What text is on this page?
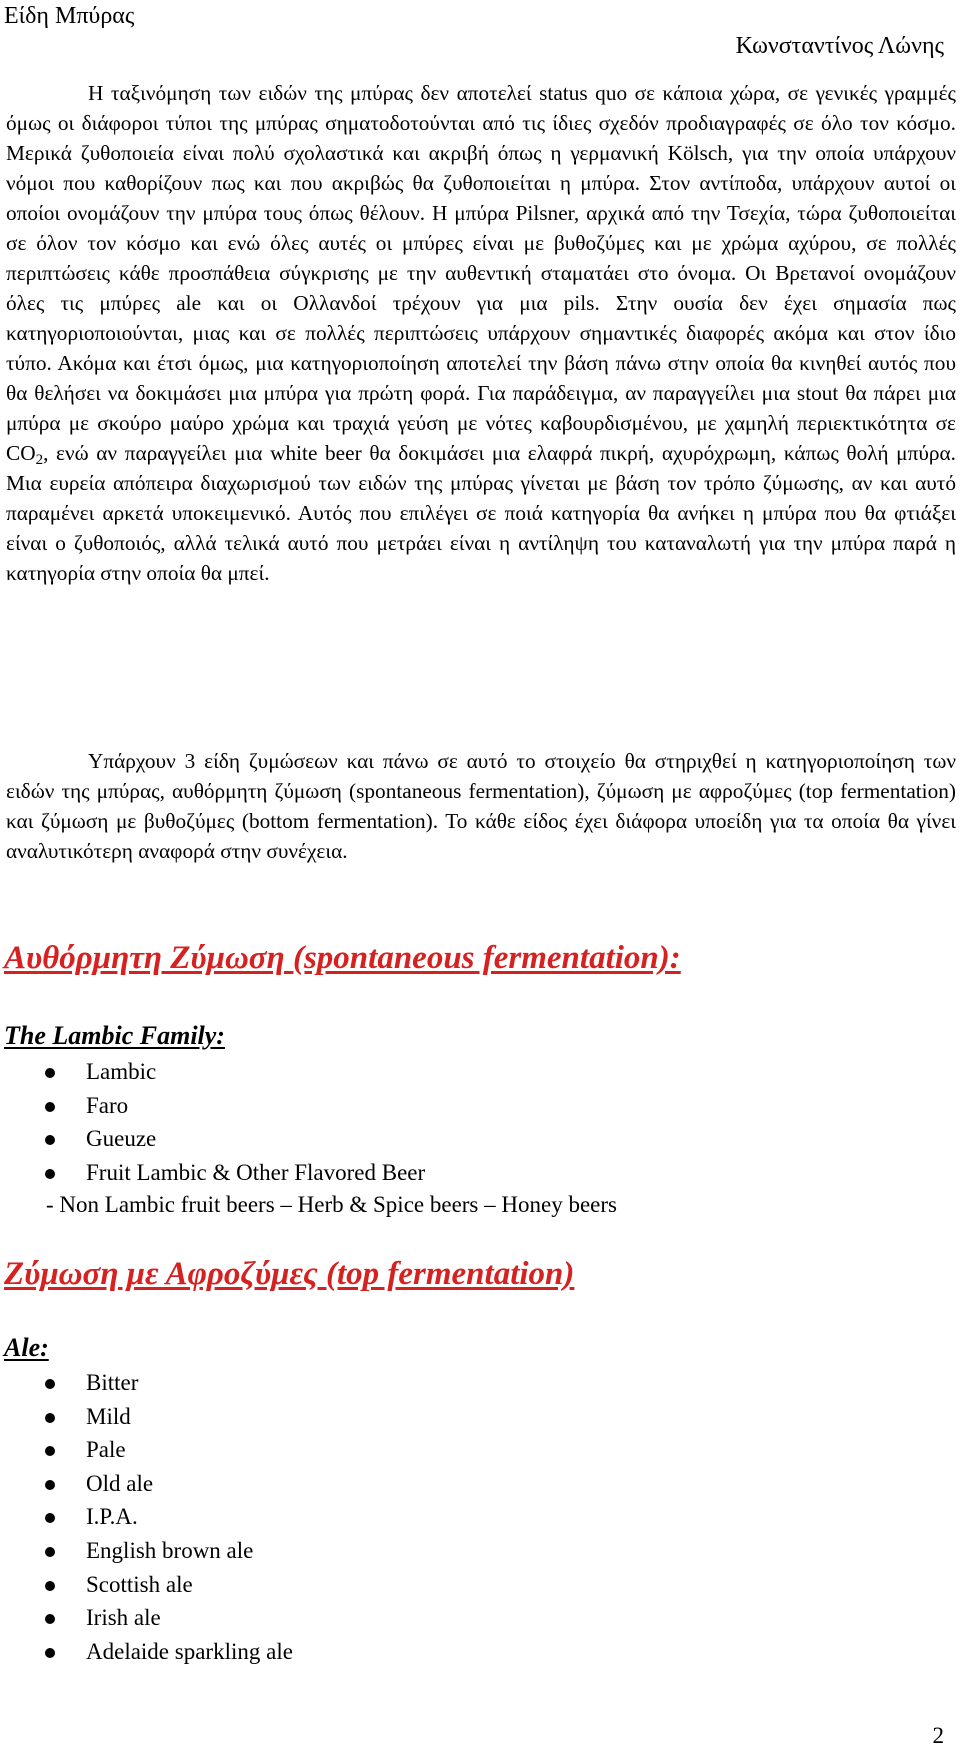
Είδη Μπύρας
Κωνσταντίνος Λώνης

Η ταξινόμηση των ειδών της μπύρας δεν αποτελεί status quo σε κάποια χώρα, σε γενικές γραμμές όμως οι διάφοροι τύποι της μπύρας σηματοδοτούνται από τις ίδιες σχεδόν προδιαγραφές σε όλο τον κόσμο. Μερικά ζυθοποιεία είναι πολύ σχολαστικά και ακριβή όπως η γερμανική Kölsch, για την οποία υπάρχουν νόμοι που καθορίζουν πως και που ακριβώς θα ζυθοποιείται η μπύρα. Στον αντίποδα, υπάρχουν αυτοί οι οποίοι ονομάζουν την μπύρα τους όπως θέλουν. Η μπύρα Pilsner, αρχικά από την Τσεχία, τώρα ζυθοποιείται σε όλον τον κόσμο και ενώ όλες αυτές οι μπύρες είναι με βυθοζύμες και με χρώμα αχύρου, σε πολλές περιπτώσεις κάθε προσπάθεια σύγκρισης με την αυθεντική σταματάει στο όνομα. Οι Βρετανοί ονομάζουν όλες τις μπύρες ale και οι Ολλανδοί τρέχουν για μια pils. Στην ουσία δεν έχει σημασία πως κατηγοριοποιούνται, μιας και σε πολλές περιπτώσεις υπάρχουν σημαντικές διαφορές ακόμα και στον ίδιο τύπο. Ακόμα και έτσι όμως, μια κατηγοριοποίηση αποτελεί την βάση πάνω στην οποία θα κινηθεί αυτός που θα θελήσει να δοκιμάσει μια μπύρα για πρώτη φορά. Για παράδειγμα, αν παραγγείλει μια stout θα πάρει μια μπύρα με σκούρο μαύρο χρώμα και τραχιά γεύση με νότες καβουρδισμένου, με χαμηλή περιεκτικότητα σε $CO_2$, ενώ αν παραγγείλει μια white beer θα δοκιμάσει μια ελαφρά πικρή, αχυρόχρωμη, κάπως θολή μπύρα. Μια ευρεία απόπειρα διαχωρισμού των ειδών της μπύρας γίνεται με βάση τον τρόπο ζύμωσης, αν και αυτό παραμένει αρκετά υποκειμενικό. Αυτός που επιλέγει σε ποιά κατηγορία θα ανήκει η μπύρα που θα φτιάξει είναι ο ζυθοποιός, αλλά τελικά αυτό που μετράει είναι η αντίληψη του καταναλωτή για την μπύρα παρά η κατηγορία στην οποία θα μπεί.

Υπάρχουν 3 είδη ζυμώσεων και πάνω σε αυτό το στοιχείο θα στηριχθεί η κατηγοριοποίηση των ειδών της μπύρας, αυθόρμητη ζύμωση (spontaneous fermentation), ζύμωση με αφροζύμες (top fermentation) και ζύμωση με βυθοζύμες (bottom fermentation). Το κάθε είδος έχει διάφορα υποείδη για τα οποία θα γίνει αναλυτικότερη αναφορά στην συνέχεια.

Αυθόρμητη Ζύμωση (spontaneous fermentation):
The Lambic Family:
Lambic
Faro
Gueuze
Fruit Lambic & Other Flavored Beer
- Non Lambic fruit beers – Herb & Spice beers – Honey beers
Ζύμωση με Αφροζύμες (top fermentation)
Ale:
Bitter
Mild
Pale
Old ale
I.P.A.
English brown ale
Scottish ale
Irish ale
Adelaide sparkling ale
2
